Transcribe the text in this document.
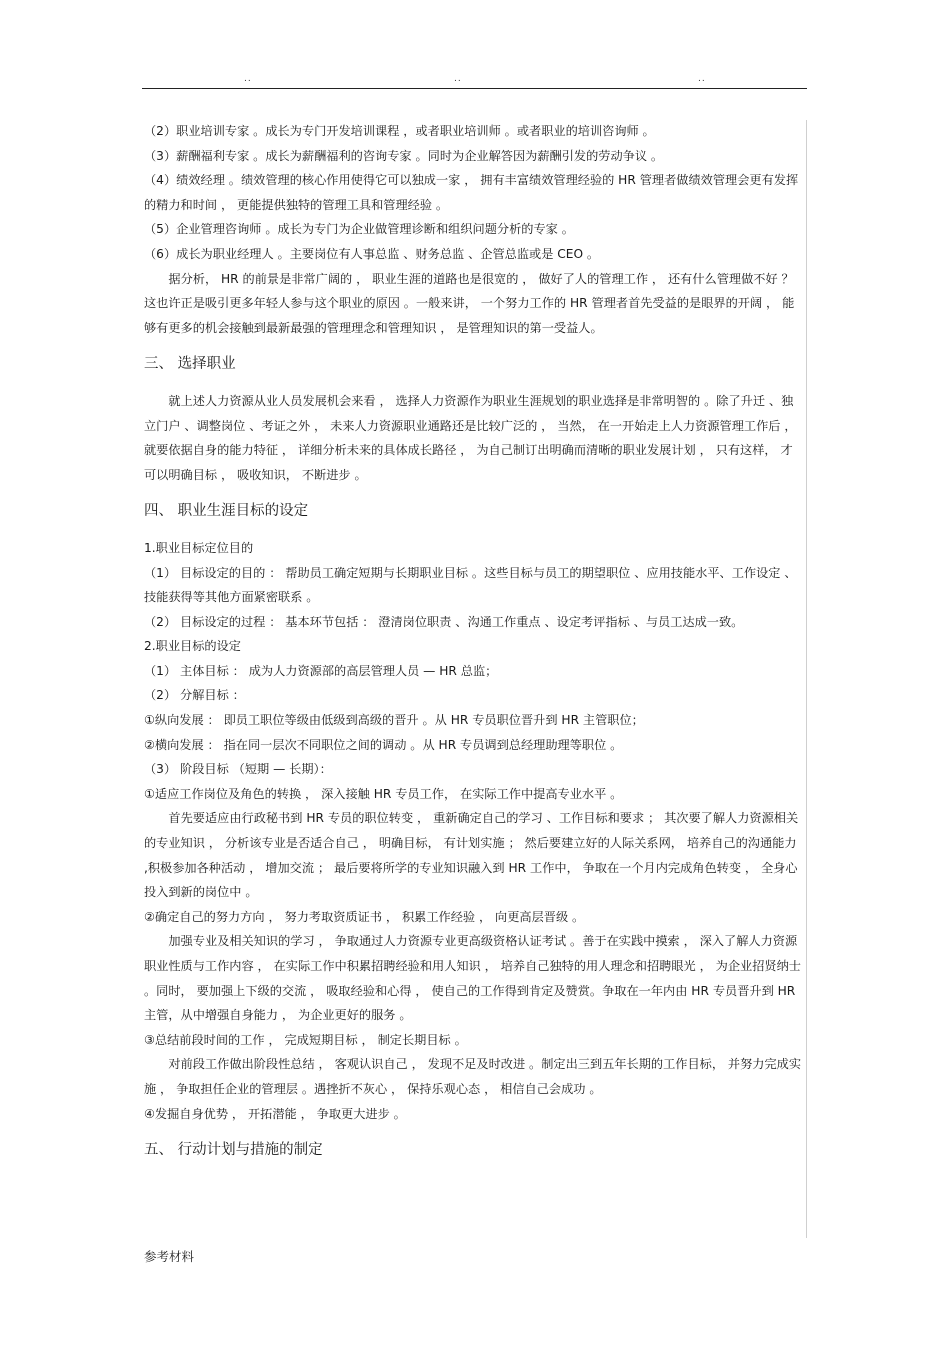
..	..	..

（2）职业培训专家 。成长为专门开发培训课程 ，或者职业培训师 。或者职业的培训咨询师 。

（3）薪酬福利专家 。成长为薪酬福利的咨询专家 。同时为企业解答因为薪酬引发的劳动争议 。

（4）绩效经理 。绩效管理的核心作用使得它可以独成一家 ， 拥有丰富绩效管理经验的 HR 管理者做绩效管理会更有发挥的精力和时间 ， 更能提供独特的管理工具和管理经验 。

（5）企业管理咨询师 。成长为专门为企业做管理诊断和组织问题分析的专家 。

（6）成长为职业经理人 。主要岗位有人事总监 、财务总监 、企管总监或是 CEO 。

据分析， HR 的前景是非常广阔的 ， 职业生涯的道路也是很宽的 ， 做好了人的管理工作 ， 还有什么管理做不好 ？ 这也许正是吸引更多年轻人参与这个职业的原因 。一般来讲， 一个努力工作的 HR 管理者首先受益的是眼界的开阔 ， 能够有更多的机会接触到最新最强的管理理念和管理知识 ， 是管理知识的第一受益人。

三、 选择职业

就上述人力资源从业人员发展机会来看 ， 选择人力资源作为职业生涯规划的职业选择是非常明智的 。除了升迁 、独立门户 、调整岗位 、考证之外 ， 未来人力资源职业通路还是比较广泛的 ， 当然， 在一开始走上人力资源管理工作后 ， 就要依据自身的能力特征 ， 详细分析未来的具体成长路径 ， 为自己制订出明确而清晰的职业发展计划 ， 只有这样， 才可以明确目标 ， 吸收知识， 不断进步 。

四、 职业生涯目标的设定

1.职业目标定位目的

（1） 目标设定的目的 ： 帮助员工确定短期与长期职业目标 。这些目标与员工的期望职位 、应用技能水平、工作设定 、技能获得等其他方面紧密联系 。

（2） 目标设定的过程 ： 基本环节包括 ： 澄清岗位职责 、沟通工作重点 、设定考评指标 、与员工达成一致。

2.职业目标的设定

（1） 主体目标 ： 成为人力资源部的高层管理人员 — HR 总监；

（2） 分解目标 ：

①纵向发展 ： 即员工职位等级由低级到高级的晋升 。从 HR 专员职位晋升到 HR 主管职位；

②横向发展 ： 指在同一层次不同职位之间的调动 。从 HR 专员调到总经理助理等职位 。

（3） 阶段目标 （短期 — 长期）：

①适应工作岗位及角色的转换 ， 深入接触 HR 专员工作， 在实际工作中提高专业水平 。

首先要适应由行政秘书到 HR 专员的职位转变 ， 重新确定自己的学习 、工作目标和要求 ； 其次要了解人力资源相关的专业知识 ， 分析该专业是否适合自己 ， 明确目标， 有计划实施 ； 然后要建立好的人际关系网， 培养自己的沟通能力 ,积极参加各种活动 ， 增加交流 ； 最后要将所学的专业知识融入到 HR 工作中， 争取在一个月内完成角色转变 ， 全身心投入到新的岗位中 。

②确定自己的努力方向 ， 努力考取资质证书 ， 积累工作经验 ， 向更高层晋级 。

加强专业及相关知识的学习 ， 争取通过人力资源专业更高级资格认证考试 。善于在实践中摸索 ， 深入了解人力资源职业性质与工作内容 ， 在实际工作中积累招聘经验和用人知识 ， 培养自己独特的用人理念和招聘眼光 ， 为企业招贤纳士 。同时， 要加强上下级的交流 ， 吸取经验和心得 ， 使自己的工作得到肯定及赞赏。争取在一年内由 HR 专员晋升到 HR 主管，从中增强自身能力 ， 为企业更好的服务 。

③总结前段时间的工作 ， 完成短期目标 ， 制定长期目标 。

对前段工作做出阶段性总结 ， 客观认识自己 ， 发现不足及时改进 。制定出三到五年长期的工作目标， 并努力完成实施 ， 争取担任企业的管理层 。遇挫折不灰心 ， 保持乐观心态 ， 相信自己会成功 。

④发掘自身优势 ， 开拓潜能 ， 争取更大进步 。

五、 行动计划与措施的制定

参考材料
